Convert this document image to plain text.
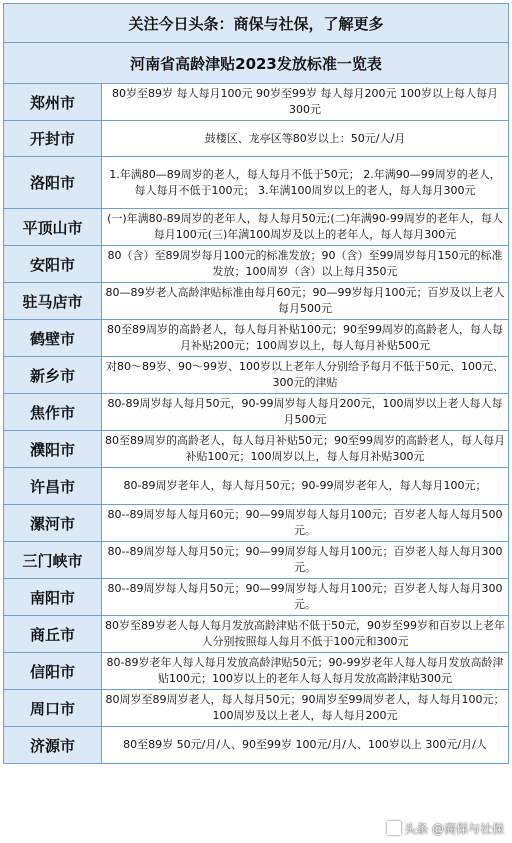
关注今日头条：商保与社保，了解更多	
河南省高龄津贴2023发放标准一览表	
郑州市	80岁至89岁 每人每月100元 90岁至99岁 每人每月200元 100岁以上每人每月300元
开封市	鼓楼区、龙亭区等80岁以上：50元/人/月
洛阳市	1.年满80—89周岁的老人，每人每月不低于50元； 2.年满90—99周岁的老人，每人每月不低于100元； 3.年满100周岁以上的老人，每人每月300元
平顶山市	(一)年满80-89周岁的老年人，每人每月50元;(二)年满90-99周岁的老年人，每人每月100元(三)年满100周岁及以上的老年人，每人每月300元
安阳市	80（含）至89周岁每月100元的标准发放；90（含）至99周岁每月150元的标准发放；100周岁（含）以上每月350元
驻马店市	80—89岁老人高龄津贴标准由每月60元；90—99岁每月100元；百岁及以上老人每月500元
鹤壁市	80至89周岁的高龄老人，每人每月补贴100元；90至99周岁的高龄老人，每人每月补贴200元；100周岁以上，每人每月补贴500元
新乡市	对80～89岁、90～99岁、100岁以上老年人分别给予每月不低于50元、100元、300元的津贴
焦作市	80-89周岁每人每月50元，90-99周岁每人每月200元，100周岁以上老人每人每月500元
濮阳市	80至89周岁的高龄老人，每人每月补贴50元；90至99周岁的高龄老人，每人每月补贴100元；100周岁以上，每人每月补贴300元
许昌市	80-89周岁老年人，每人每月50元；90-99周岁老年人，每人每月100元；
漯河市	80--89周岁每人每月60元；90—99周岁每人每月100元；百岁老人每人每月500元。
三门峡市	80--89周岁每人每月50元；90—99周岁每人每月100元；百岁老人每人每月300元。
南阳市	80--89周岁每人每月50元；90—99周岁每人每月100元；百岁老人每人每月300元。
商丘市	80岁至89岁老人每人每月发放高龄津贴不低于50元，90岁至99岁和百岁以上老年人分别按照每人每月不低于100元和300元
信阳市	80-89岁老年人每人每月发放高龄津贴50元；90-99岁老年人每人每月发放高龄津贴100元；100岁以上的老年人每人每月发放高龄津贴300元
周口市	80周岁至89周岁老人，每人每月50元；90周岁至99周岁老人，每人每月100元；100周岁及以上老人，每人每月200元
济源市	80至89岁 50元/月/人、90至99岁 100元/月/人、100岁以上 300元/月/人
头条 @商保与社保
